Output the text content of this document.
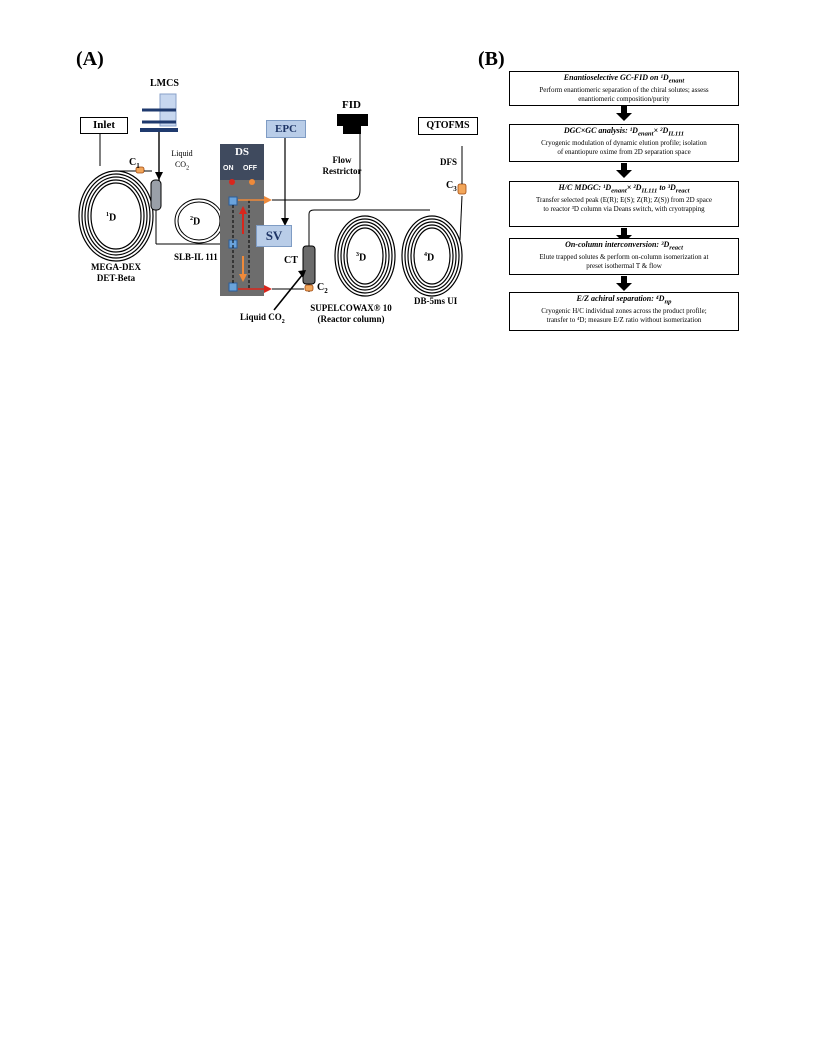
(A)	(B)
Inlet
LMCS
Liquid
$CO_2$
$C_1$
$^1$D
MEGA-DEX
DET-Beta
$^2$D
SLB-IL 111
DS
ON OFF
EPC
SV
FID
Flow
Restrictor
CT
$C_2$
Liquid $CO_2$
$^3$D
SUPELCOWAX® 10
(Reactor column)
QTOFMS
DFS
$C_3$
$^4$D
DB-5ms UI
Enantioselective GC-FID on $^1D_{enant}$
Perform enantiomeric separation of the chiral solutes; assess
enantiomeric composition/purity
DGC×GC analysis: $^1D_{enant}\times ^2D_{IL111}$
Cryogenic modulation of dynamic elution profile; isolation
of enantiopure oxime from 2D separation space
H/C MDGC: $^1D_{enant}\times ^2D_{IL111}$ to $^3D_{react}$
Transfer selected peak (E(R); E(S); Z(R); Z(S)) from 2D space
to reactor ³D column via Deans switch, with cryotrapping
On-column interconversion: $^3D_{react}$
Elute trapped solutes & perform on-column isomerization at
preset isothermal T & flow
E/Z achiral separation: $^4D_{np}$
Cryogenic H/C individual zones across the product profile;
transfer to ⁴D; measure E/Z ratio without isomerization
